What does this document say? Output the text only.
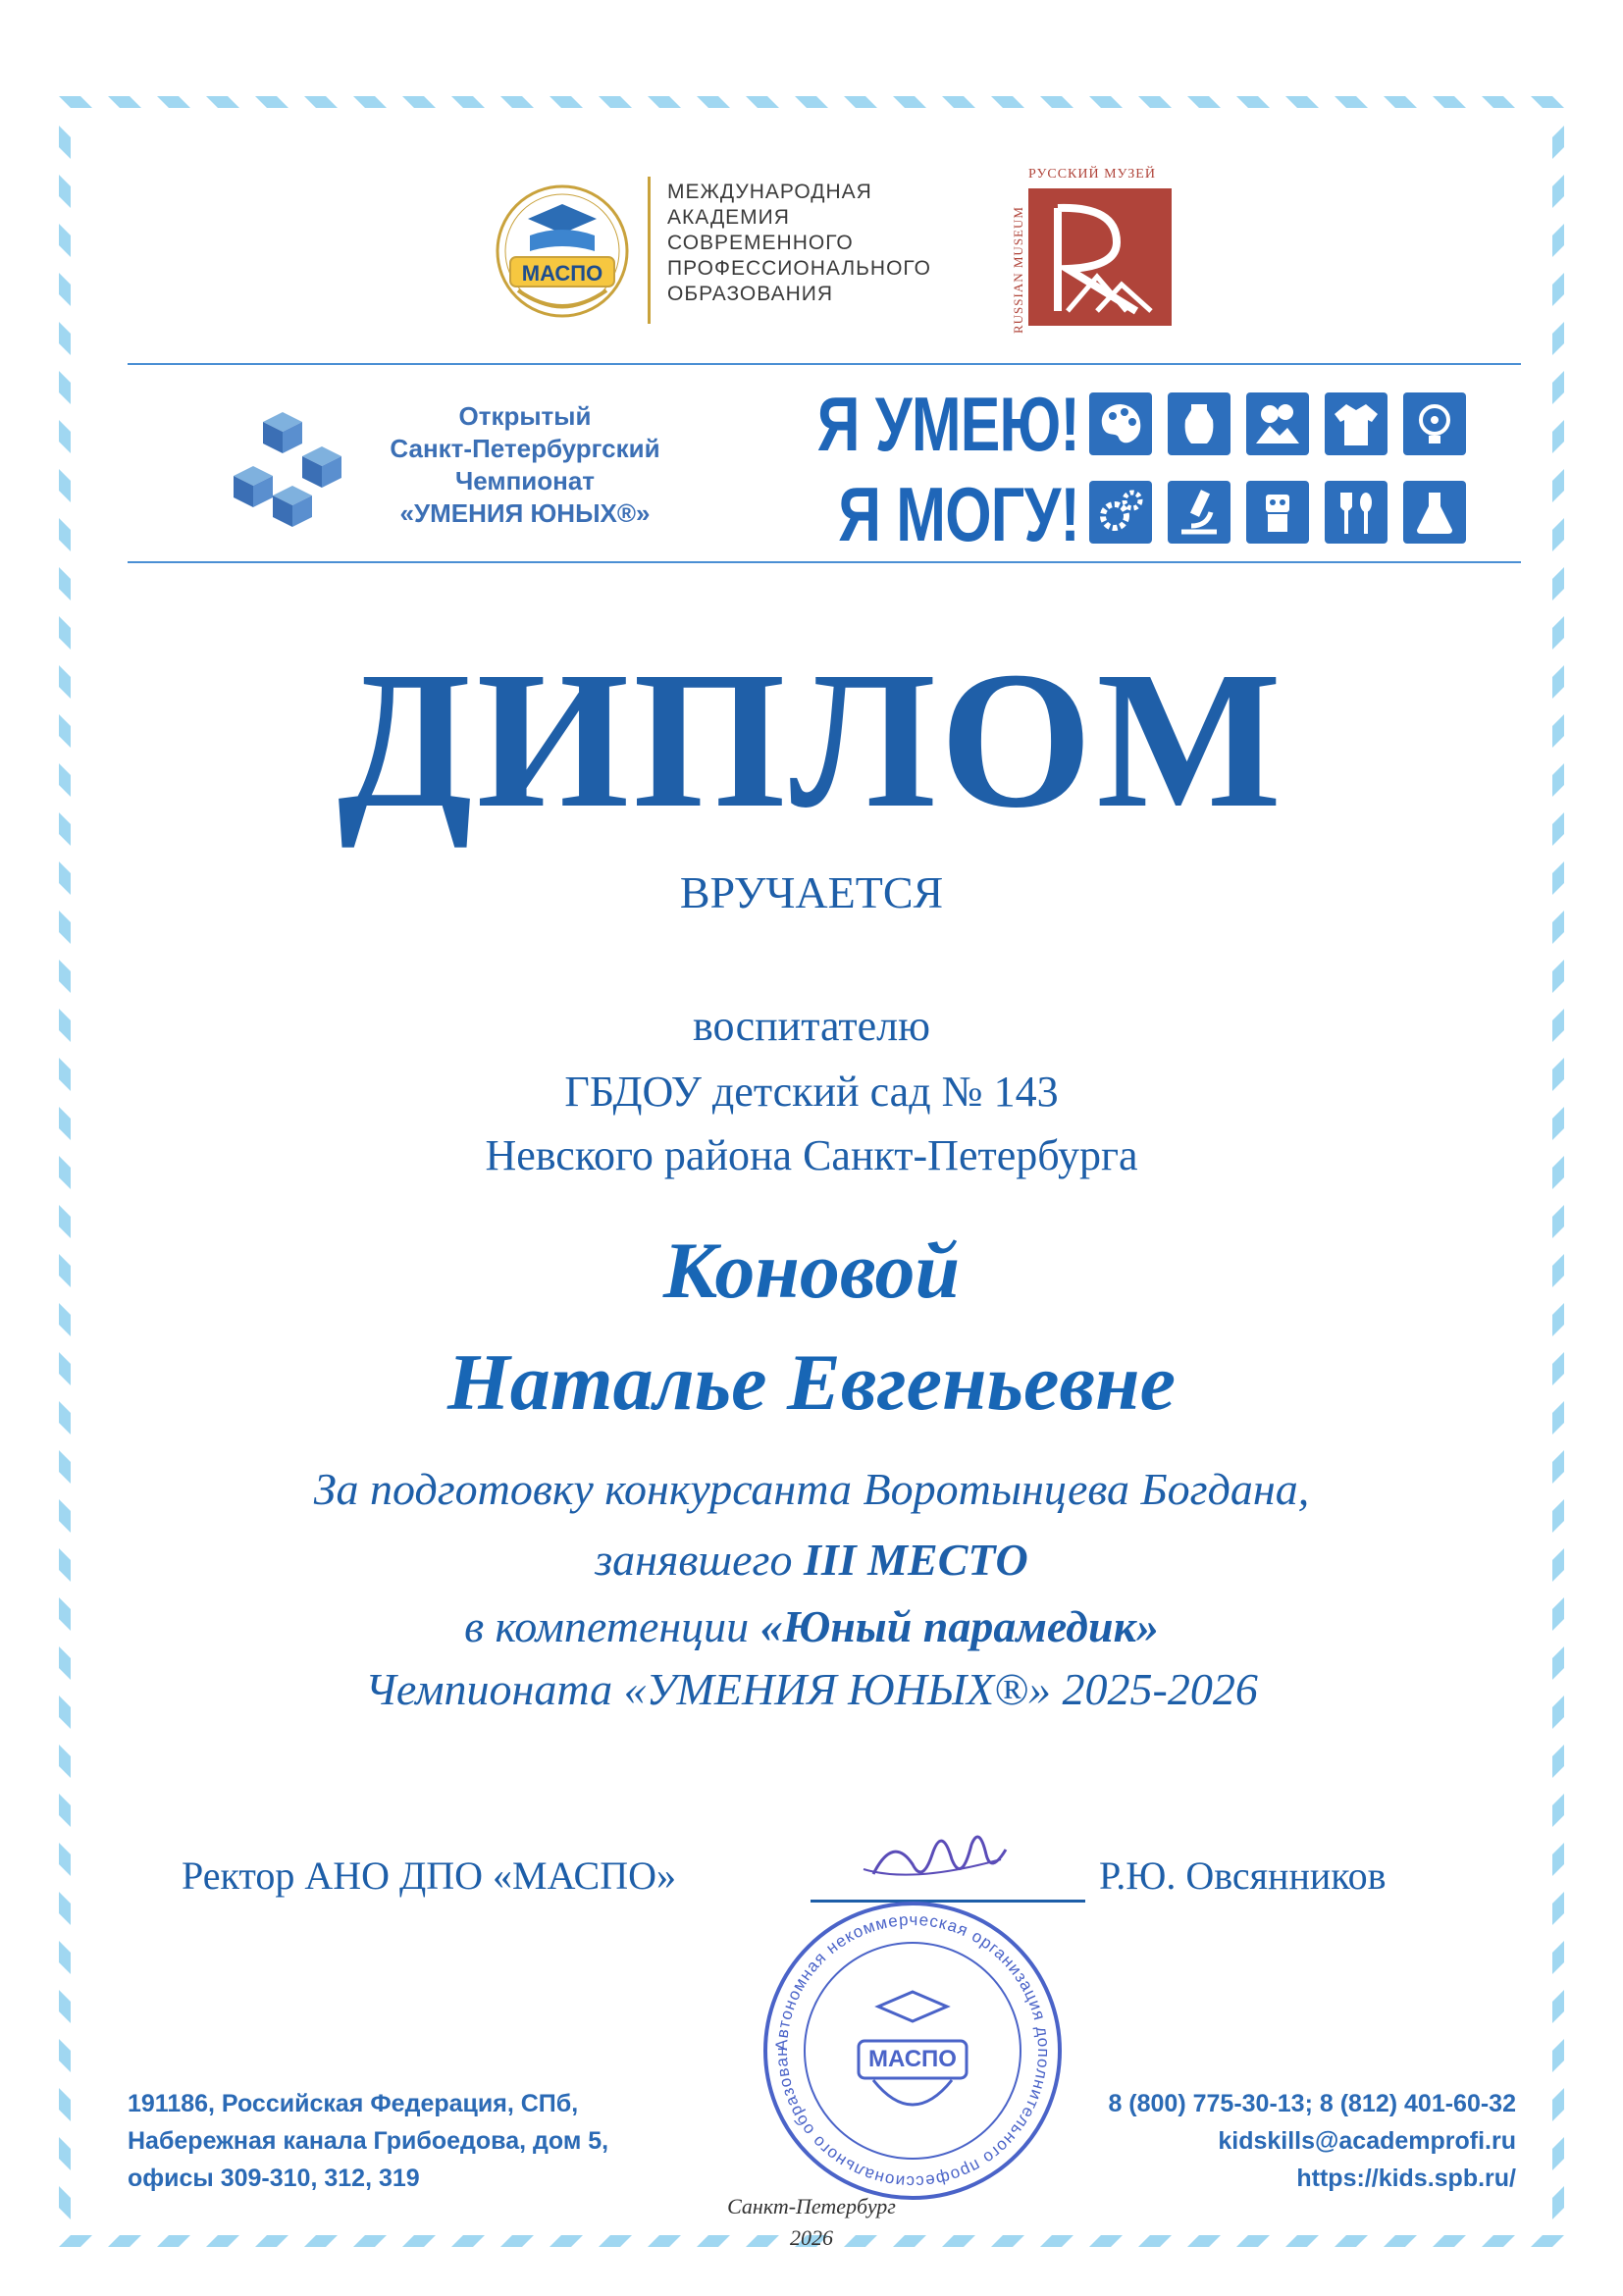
МАСПО
МЕЖДУНАРОДНАЯ
АКАДЕМИЯ
СОВРЕМЕННОГО
ПРОФЕССИОНАЛЬНОГО
ОБРАЗОВАНИЯ
РУССКИЙ МУЗЕЙ
RUSSIAN MUSEUM
Открытый
Санкт-Петербургский
Чемпионат
«УМЕНИЯ ЮНЫХ®»
Я УМЕЮ!
Я МОГУ!
ДИПЛОМ
ВРУЧАЕТСЯ
воспитателю
ГБДОУ детский сад № 143
Невского района Санкт-Петербурга
Коновой
Наталье Евгеньевне
За подготовку конкурсанта Воротынцева Богдана,
занявшего III МЕСТО
в компетенции «Юный парамедик»
Чемпионата «УМЕНИЯ ЮНЫХ®» 2025-2026
Ректор АНО ДПО «МАСПО»	Р.Ю. Овсянников
Автономная некоммерческая организация дополнительного профессионального образован	МАСПО
191186, Российская Федерация, СПб,
Набережная канала Грибоедова, дом 5,
офисы 309-310, 312, 319
8 (800) 775-30-13; 8 (812) 401-60-32
kidskills@academprofi.ru
https://kids.spb.ru/
Санкт-Петербург
2026
